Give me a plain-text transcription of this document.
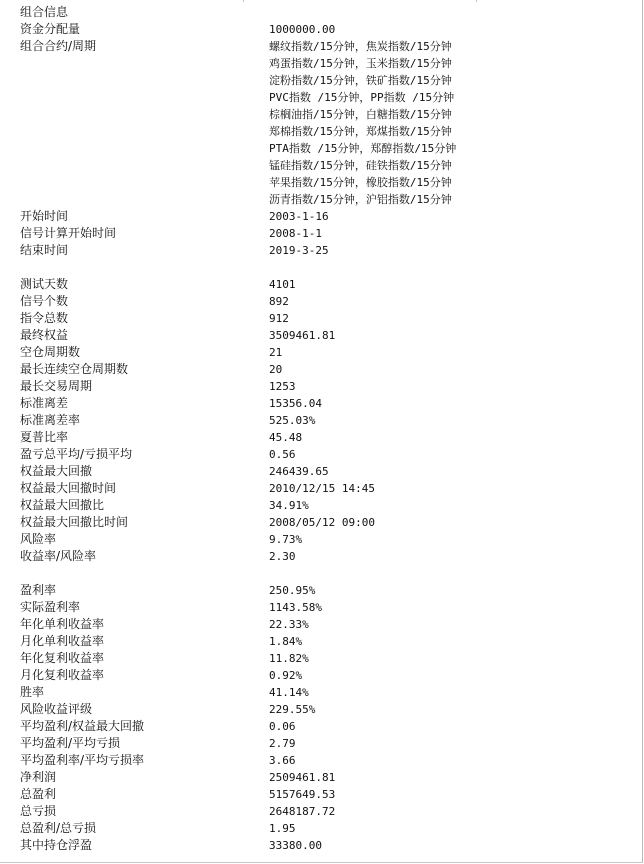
组合信息
资金分配量	1000000.00
组合合约/周期	螺纹指数/15分钟，焦炭指数/15分钟
鸡蛋指数/15分钟，玉米指数/15分钟
淀粉指数/15分钟，铁矿指数/15分钟
PVC指数 /15分钟，PP指数 /15分钟
棕榈油指/15分钟，白糖指数/15分钟
郑棉指数/15分钟，郑煤指数/15分钟
PTA指数 /15分钟，郑醇指数/15分钟
锰硅指数/15分钟，硅铁指数/15分钟
苹果指数/15分钟，橡胶指数/15分钟
沥青指数/15分钟，沪铝指数/15分钟
开始时间	2003-1-16
信号计算开始时间	2008-1-1
结束时间	2019-3-25
测试天数	4101
信号个数	892
指令总数	912
最终权益	3509461.81
空仓周期数	21
最长连续空仓周期数	20
最长交易周期	1253
标准离差	15356.04
标准离差率	525.03%
夏普比率	45.48
盈亏总平均/亏损平均	0.56
权益最大回撤	246439.65
权益最大回撤时间	2010/12/15 14:45
权益最大回撤比	34.91%
权益最大回撤比时间	2008/05/12 09:00
风险率	9.73%
收益率/风险率	2.30
盈利率	250.95%
实际盈利率	1143.58%
年化单利收益率	22.33%
月化单利收益率	1.84%
年化复利收益率	11.82%
月化复利收益率	0.92%
胜率	41.14%
风险收益评级	229.55%
平均盈利/权益最大回撤	0.06
平均盈利/平均亏损	2.79
平均盈利率/平均亏损率	3.66
净利润	2509461.81
总盈利	5157649.53
总亏损	2648187.72
总盈利/总亏损	1.95
其中持仓浮盈	33380.00
